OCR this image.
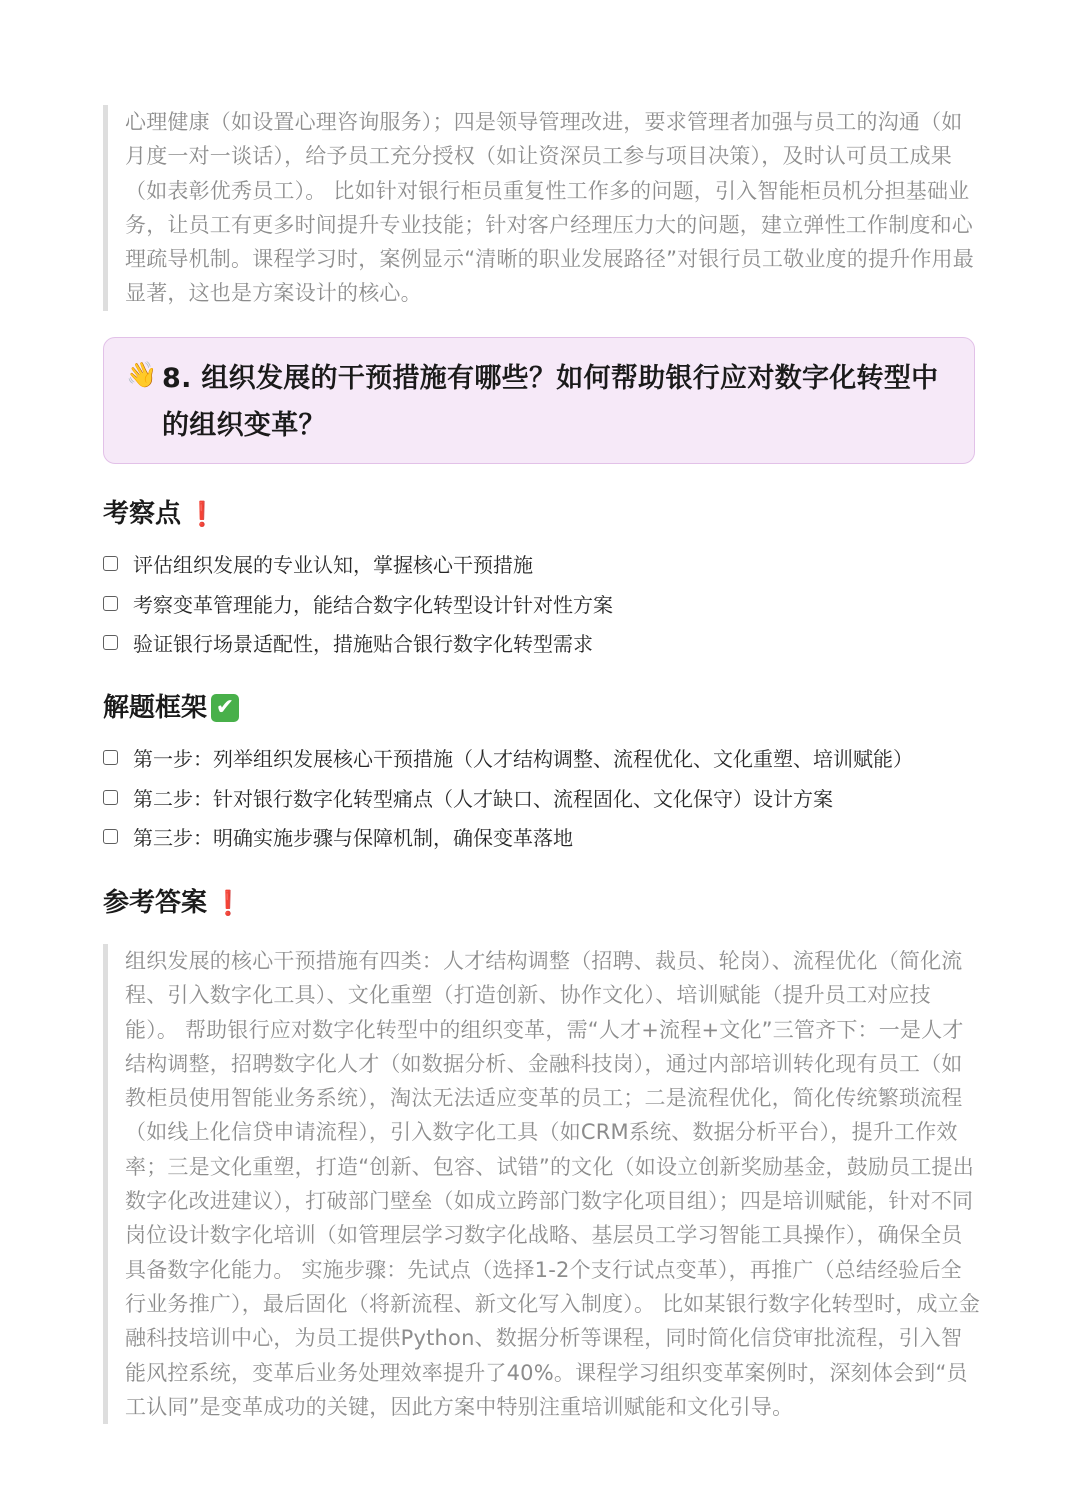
心理健康（如设置心理咨询服务）；四是领导管理改进，要求管理者加强与员工的沟通（如月度一对一谈话），给予员工充分授权（如让资深员工参与项目决策），及时认可员工成果（如表彰优秀员工）。 比如针对银行柜员重复性工作多的问题，引入智能柜员机分担基础业务，让员工有更多时间提升专业技能；针对客户经理压力大的问题，建立弹性工作制度和心理疏导机制。课程学习时，案例显示“清晰的职业发展路径”对银行员工敬业度的提升作用最显著，这也是方案设计的核心。

👋 8. 组织发展的干预措施有哪些？如何帮助银行应对数字化转型中的组织变革？
考察点 ❗
评估组织发展的专业认知，掌握核心干预措施
考察变革管理能力，能结合数字化转型设计针对性方案
验证银行场景适配性，措施贴合银行数字化转型需求
解题框架 ✔
第一步：列举组织发展核心干预措施（人才结构调整、流程优化、文化重塑、培训赋能）
第二步：针对银行数字化转型痛点（人才缺口、流程固化、文化保守）设计方案
第三步：明确实施步骤与保障机制，确保变革落地
参考答案 ❗

组织发展的核心干预措施有四类：人才结构调整（招聘、裁员、轮岗）、流程优化（简化流程、引入数字化工具）、文化重塑（打造创新、协作文化）、培训赋能（提升员工对应技能）。 帮助银行应对数字化转型中的组织变革，需“人才+流程+文化”三管齐下：一是人才结构调整，招聘数字化人才（如数据分析、金融科技岗），通过内部培训转化现有员工（如教柜员使用智能业务系统），淘汰无法适应变革的员工；二是流程优化，简化传统繁琐流程（如线上化信贷申请流程），引入数字化工具（如CRM系统、数据分析平台），提升工作效率；三是文化重塑，打造“创新、包容、试错”的文化（如设立创新奖励基金，鼓励员工提出数字化改进建议），打破部门壁垒（如成立跨部门数字化项目组）；四是培训赋能，针对不同岗位设计数字化培训（如管理层学习数字化战略、基层员工学习智能工具操作），确保全员具备数字化能力。 实施步骤：先试点（选择1-2个支行试点变革），再推广（总结经验后全行业务推广），最后固化（将新流程、新文化写入制度）。 比如某银行数字化转型时，成立金融科技培训中心，为员工提供Python、数据分析等课程，同时简化信贷审批流程，引入智能风控系统，变革后业务处理效率提升了40%。课程学习组织变革案例时，深刻体会到“员工认同”是变革成功的关键，因此方案中特别注重培训赋能和文化引导。
